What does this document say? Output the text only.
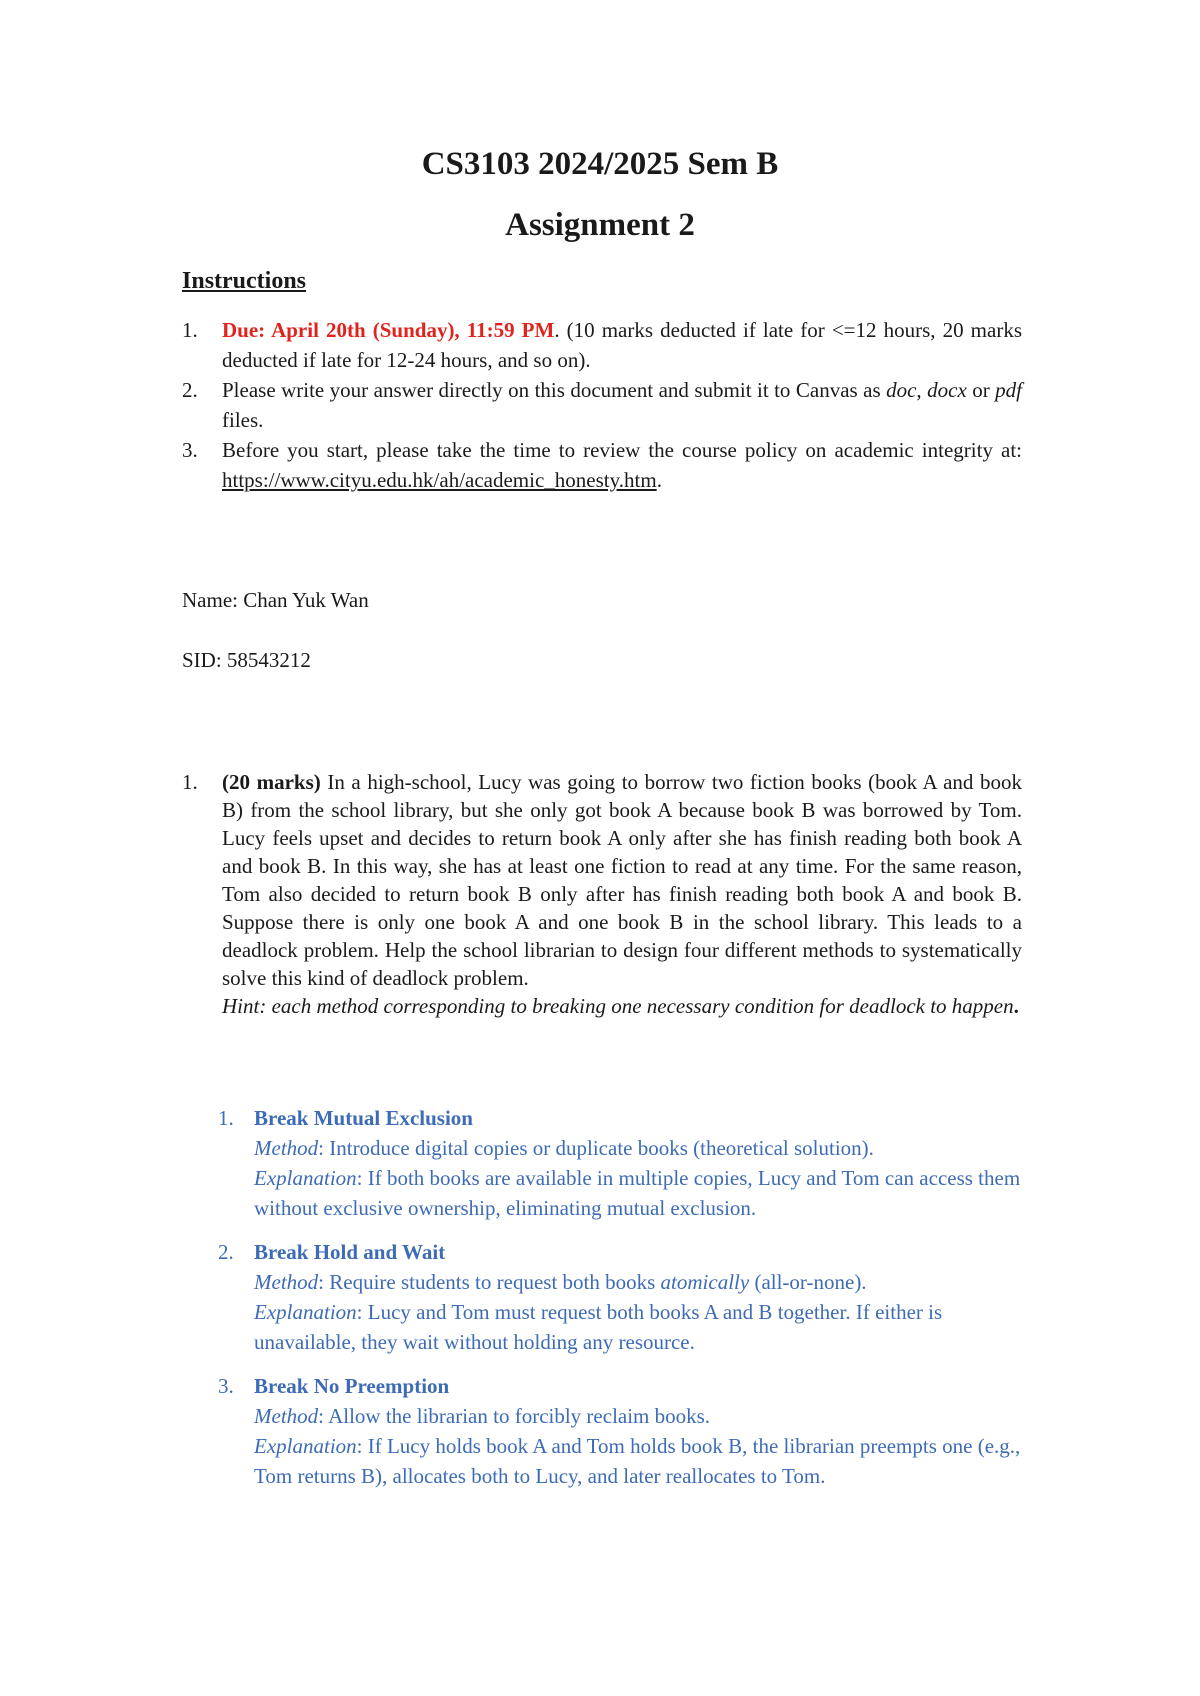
CS3103 2024/2025 Sem B
Assignment 2
Instructions
1. Due: April 20th (Sunday), 11:59 PM. (10 marks deducted if late for <=12 hours, 20 marks deducted if late for 12-24 hours, and so on).
2. Please write your answer directly on this document and submit it to Canvas as doc, docx or pdf files.
3. Before you start, please take the time to review the course policy on academic integrity at: https://www.cityu.edu.hk/ah/academic_honesty.htm.
Name: Chan Yuk Wan
SID: 58543212
1. (20 marks) In a high-school, Lucy was going to borrow two fiction books (book A and book B) from the school library, but she only got book A because book B was borrowed by Tom. Lucy feels upset and decides to return book A only after she has finish reading both book A and book B. In this way, she has at least one fiction to read at any time. For the same reason, Tom also decided to return book B only after has finish reading both book A and book B. Suppose there is only one book A and one book B in the school library. This leads to a deadlock problem. Help the school librarian to design four different methods to systematically solve this kind of deadlock problem.
Hint: each method corresponding to breaking one necessary condition for deadlock to happen.
1. Break Mutual Exclusion
Method: Introduce digital copies or duplicate books (theoretical solution).
Explanation: If both books are available in multiple copies, Lucy and Tom can access them without exclusive ownership, eliminating mutual exclusion.
2. Break Hold and Wait
Method: Require students to request both books atomically (all-or-none).
Explanation: Lucy and Tom must request both books A and B together. If either is unavailable, they wait without holding any resource.
3. Break No Preemption
Method: Allow the librarian to forcibly reclaim books.
Explanation: If Lucy holds book A and Tom holds book B, the librarian preempts one (e.g., Tom returns B), allocates both to Lucy, and later reallocates to Tom.
